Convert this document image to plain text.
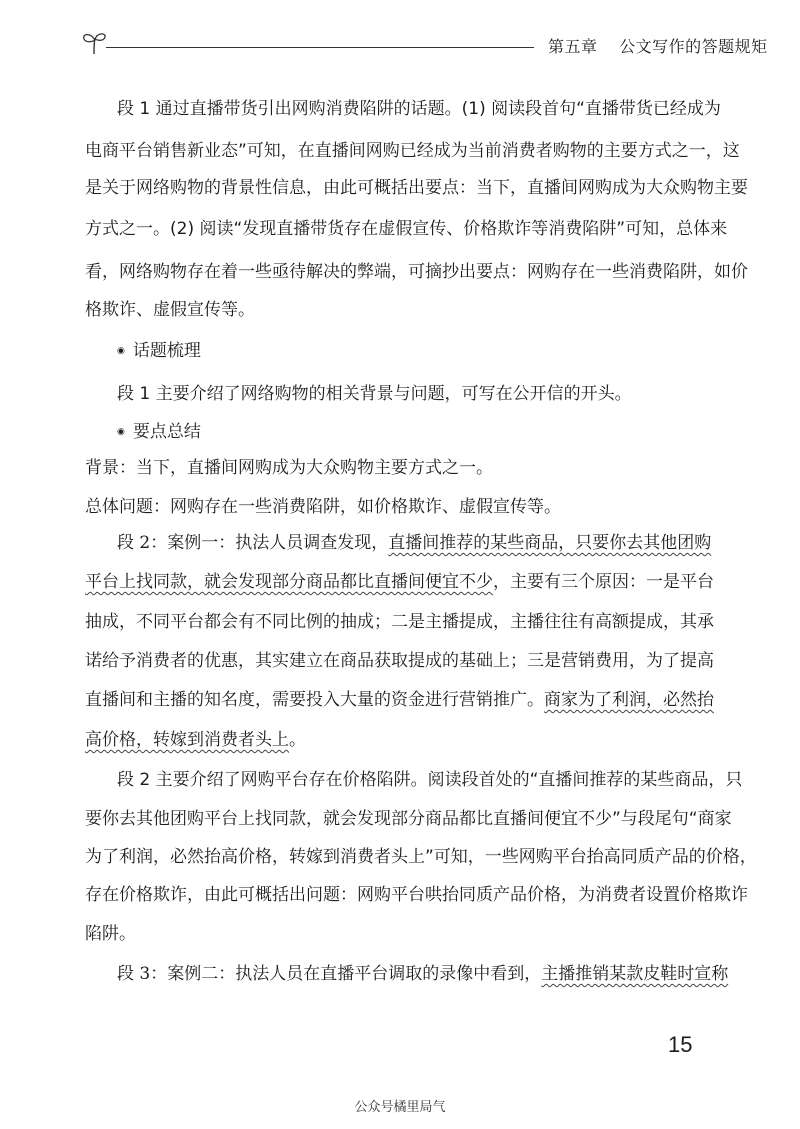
第五章 公文写作的答题规矩
段 1 通过直播带货引出网购消费陷阱的话题。(1) 阅读段首句“直播带货已经成为
电商平台销售新业态”可知，在直播间网购已经成为当前消费者购物的主要方式之一，这
是关于网络购物的背景性信息，由此可概括出要点：当下，直播间网购成为大众购物主要
方式之一。(2) 阅读“发现直播带货存在虚假宣传、价格欺诈等消费陷阱”可知，总体来
看，网络购物存在着一些亟待解决的弊端，可摘抄出要点：网购存在一些消费陷阱，如价
格欺诈、虚假宣传等。
◉ 话题梳理
段 1 主要介绍了网络购物的相关背景与问题，可写在公开信的开头。
◉ 要点总结
背景：当下，直播间网购成为大众购物主要方式之一。
总体问题：网购存在一些消费陷阱，如价格欺诈、虚假宣传等。
段 2：案例一：执法人员调查发现，直播间推荐的某些商品，只要你去其他团购
平台上找同款，就会发现部分商品都比直播间便宜不少，主要有三个原因：一是平台
抽成，不同平台都会有不同比例的抽成；二是主播提成，主播往往有高额提成，其承
诺给予消费者的优惠，其实建立在商品获取提成的基础上；三是营销费用，为了提高
直播间和主播的知名度，需要投入大量的资金进行营销推广。商家为了利润，必然抬
高价格，转嫁到消费者头上。
段 2 主要介绍了网购平台存在价格陷阱。阅读段首处的“直播间推荐的某些商品，只
要你去其他团购平台上找同款，就会发现部分商品都比直播间便宜不少”与段尾句“商家
为了利润，必然抬高价格，转嫁到消费者头上”可知，一些网购平台抬高同质产品的价格，
存在价格欺诈，由此可概括出问题：网购平台哄抬同质产品价格，为消费者设置价格欺诈
陷阱。
段 3：案例二：执法人员在直播平台调取的录像中看到，主播推销某款皮鞋时宣称
15
公众号橘里局气
